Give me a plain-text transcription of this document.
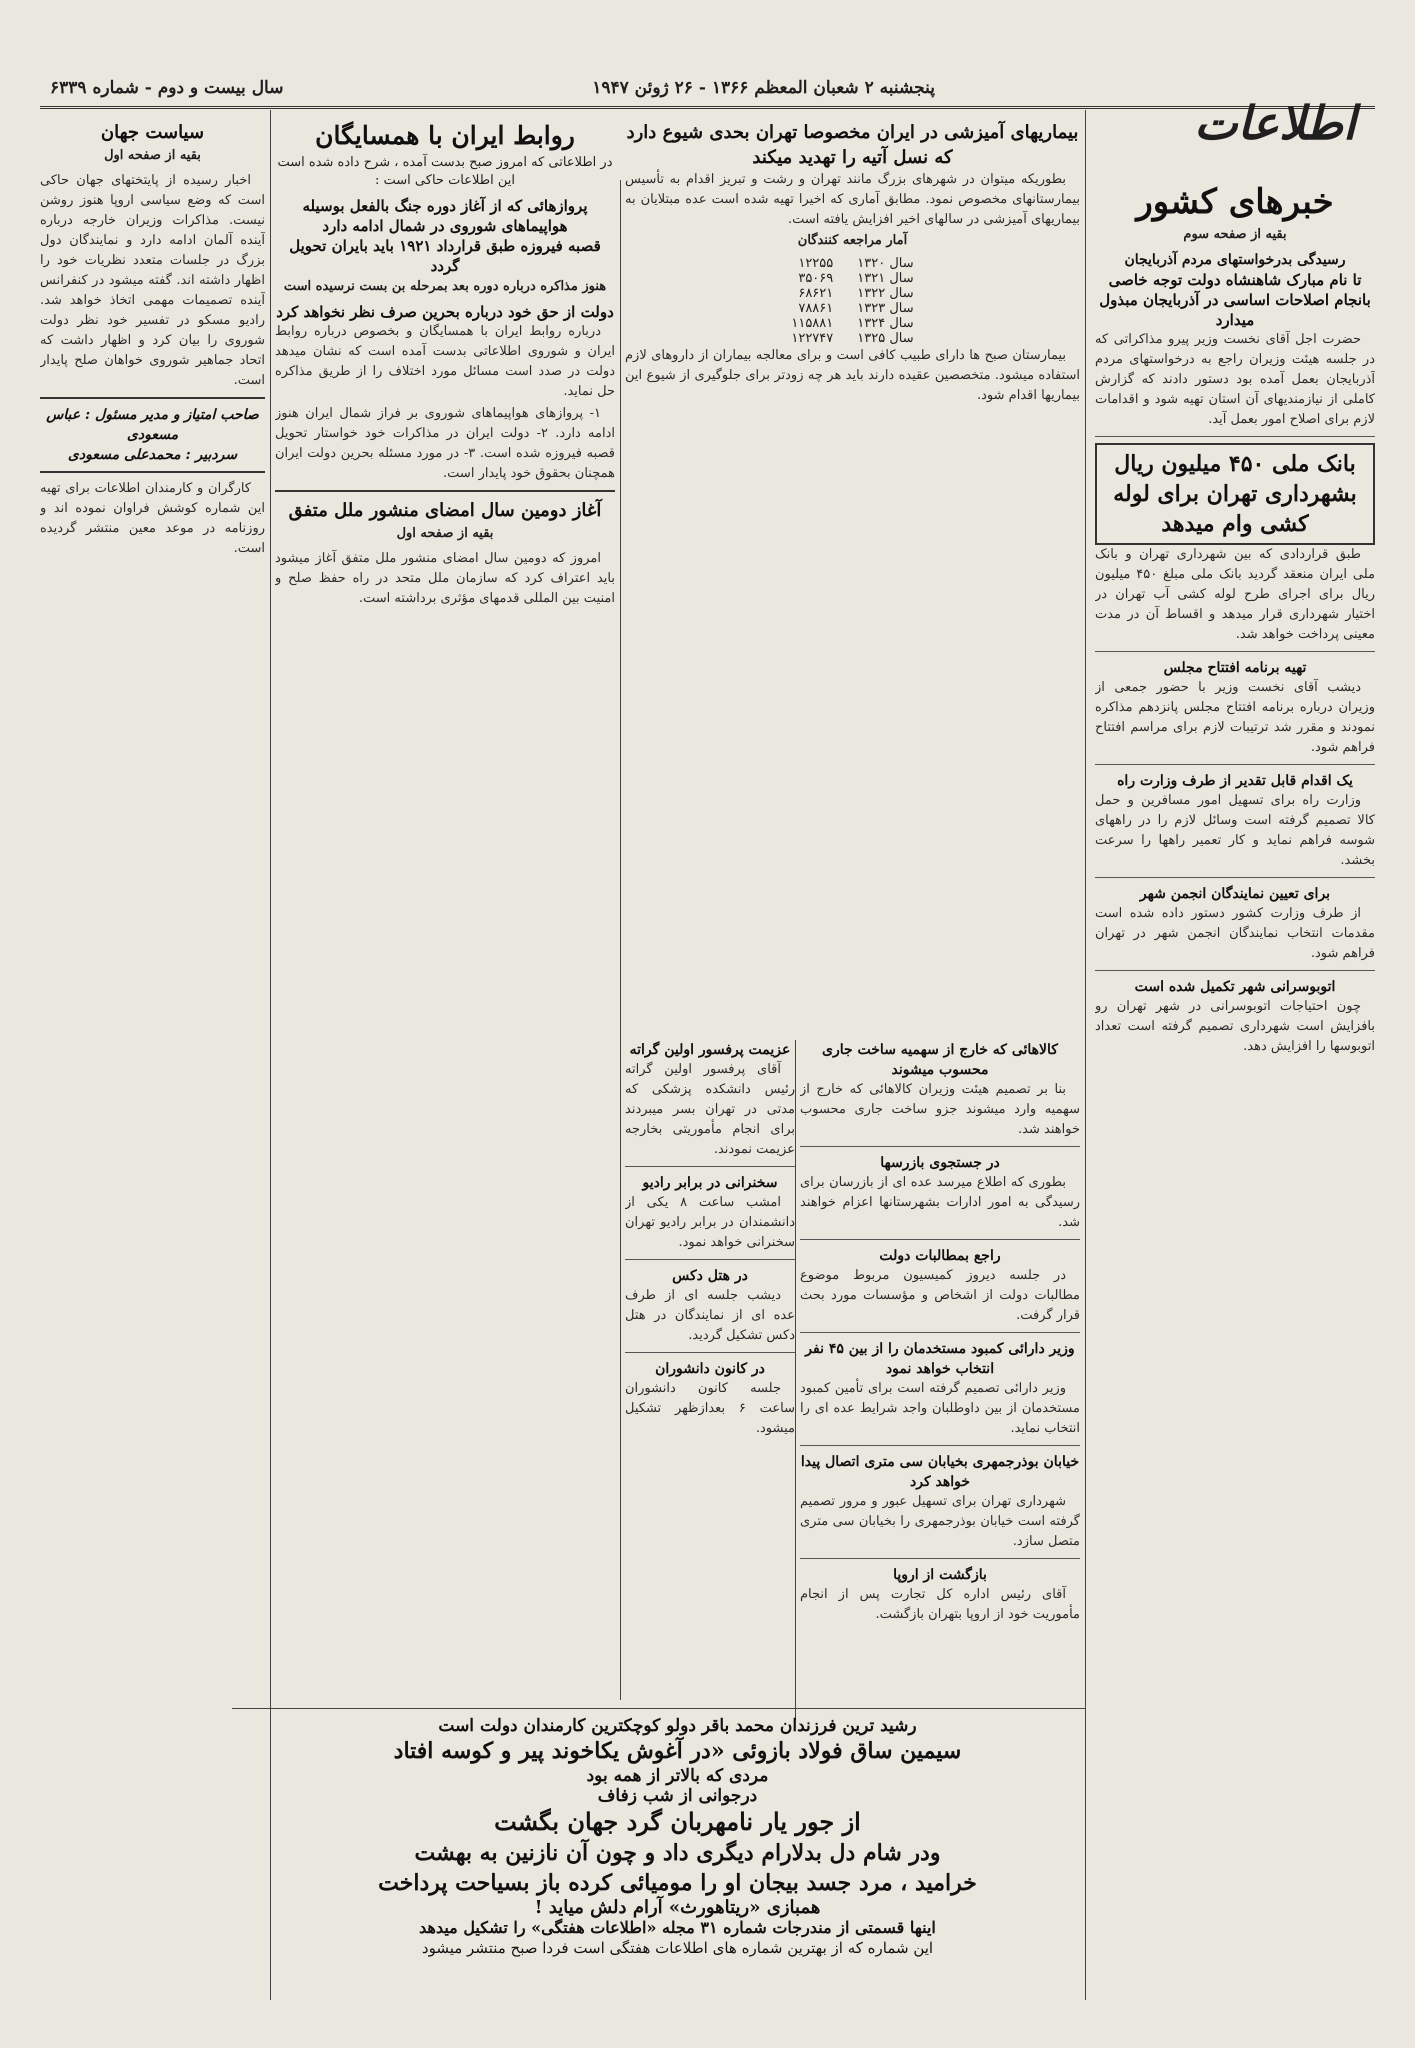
پنجشنبه ۲ شعبان المعظم ۱۳۶۶ - ۲۶ ژوئن ۱۹۴۷
سال بیست و دوم - شماره ۶۳۳۹
اطلاعات
خبرهای کشور
بقیه از صفحه سوم
رسیدگی بدرخواستهای مردم آذربایجان
تا نام مبارک شاهنشاه دولت توجه خاصی بانجام اصلاحات اساسی در آذربایجان مبذول میدارد

حضرت اجل آقای نخست وزیر پیرو مذاکراتی که در جلسه هیئت وزیران راجع به درخواستهای مردم آذربایجان بعمل آمده بود دستور دادند که گزارش کاملی از نیازمندیهای آن استان تهیه شود و اقدامات لازم برای اصلاح امور بعمل آید.

بانک ملی ۴۵۰ میلیون ریال بشهرداری تهران برای لوله کشی وام میدهد

طبق قراردادی که بین شهرداری تهران و بانک ملی ایران منعقد گردید بانک ملی مبلغ ۴۵۰ میلیون ریال برای اجرای طرح لوله کشی آب تهران در اختیار شهرداری قرار میدهد و اقساط آن در مدت معینی پرداخت خواهد شد.

تهیه برنامه افتتاح مجلس

دیشب آقای نخست وزیر با حضور جمعی از وزیران درباره برنامه افتتاح مجلس پانزدهم مذاکره نمودند و مقرر شد ترتیبات لازم برای مراسم افتتاح فراهم شود.

یک اقدام قابل تقدیر از طرف وزارت راه

وزارت راه برای تسهیل امور مسافرین و حمل کالا تصمیم گرفته است وسائل لازم را در راههای شوسه فراهم نماید و کار تعمیر راهها را سرعت بخشد.

برای تعیین نمایندگان انجمن شهر

از طرف وزارت کشور دستور داده شده است مقدمات انتخاب نمایندگان انجمن شهر در تهران فراهم شود.

اتوبوسرانی شهر تکمیل شده است

چون احتیاجات اتوبوسرانی در شهر تهران رو بافزایش است شهرداری تصمیم گرفته است تعداد اتوبوسها را افزایش دهد.

کالاهائی که خارج از سهمیه ساخت جاری محسوب میشوند

بنا بر تصمیم هیئت وزیران کالاهائی که خارج از سهمیه وارد میشوند جزو ساخت جاری محسوب خواهند شد.

در جستجوی بازرسها

بطوری که اطلاع میرسد عده ای از بازرسان برای رسیدگی به امور ادارات بشهرستانها اعزام خواهند شد.

راجع بمطالبات دولت

در جلسه دیروز کمیسیون مربوط موضوع مطالبات دولت از اشخاص و مؤسسات مورد بحث قرار گرفت.

وزیر دارائی کمبود مستخدمان را از بین ۴۵ نفر انتخاب خواهد نمود

وزیر دارائی تصمیم گرفته است برای تأمین کمبود مستخدمان از بین داوطلبان واجد شرایط عده ای را انتخاب نماید.

خیابان بوذرجمهری بخیابان سی متری اتصال پیدا خواهد کرد

شهرداری تهران برای تسهیل عبور و مرور تصمیم گرفته است خیابان بوذرجمهری را بخیابان سی متری متصل سازد.

بازگشت از اروپا

آقای رئیس اداره کل تجارت پس از انجام مأموریت خود از اروپا بتهران بازگشت.

بیماریهای آمیزشی در ایران مخصوصا تهران بحدی شیوع دارد که نسل آتیه را تهدید میکند

بطوریکه میتوان در شهرهای بزرگ مانند تهران و رشت و تبریز اقدام به تأسیس بیمارستانهای مخصوص نمود. مطابق آماری که اخیرا تهیه شده است عده مبتلایان به بیماریهای آمیزشی در سالهای اخیر افزایش یافته است.

آمار مراجعه کنندگان
سال ۱۳۲۰	۱۲۲۵۵
سال ۱۳۲۱	۳۵۰۶۹
سال ۱۳۲۲	۶۸۶۲۱
سال ۱۳۲۳	۷۸۸۶۱
سال ۱۳۲۴	۱۱۵۸۸۱
سال ۱۳۲۵	۱۲۲۷۴۷

بیمارستان صبح ها دارای طبیب کافی است و برای معالجه بیماران از داروهای لازم استفاده میشود. متخصصین عقیده دارند باید هر چه زودتر برای جلوگیری از شیوع این بیماریها اقدام شود.

عزیمت پرفسور اولین گراته

آقای پرفسور اولین گراته رئیس دانشکده پزشکی که مدتی در تهران بسر میبردند برای انجام مأموریتی بخارجه عزیمت نمودند.

سخنرانی در برابر رادیو

امشب ساعت ۸ یکی از دانشمندان در برابر رادیو تهران سخنرانی خواهد نمود.

در هتل دکس

دیشب جلسه ای از طرف عده ای از نمایندگان در هتل دکس تشکیل گردید.

در کانون دانشوران

جلسه کانون دانشوران ساعت ۶ بعدازظهر تشکیل میشود.

روابط ایران با همسایگان
در اطلاعاتی که امروز صبح بدست آمده ، شرح داده شده است این اطلاعات حاکی است :
پروازهائی که از آغاز دوره جنگ بالفعل بوسیله هواپیماهای شوروی در شمال ادامه دارد
قصبه فیروزه طبق قرارداد ۱۹۲۱ باید بایران تحویل گردد
هنوز مذاکره درباره دوره بعد بمرحله بن بست نرسیده است
دولت از حق خود درباره بحرین صرف نظر نخواهد کرد

درباره روابط ایران با همسایگان و بخصوص درباره روابط ایران و شوروی اطلاعاتی بدست آمده است که نشان میدهد دولت در صدد است مسائل مورد اختلاف را از طریق مذاکره حل نماید.

۱- پروازهای هواپیماهای شوروی بر فراز شمال ایران هنوز ادامه دارد. ۲- دولت ایران در مذاکرات خود خواستار تحویل قصبه فیروزه شده است. ۳- در مورد مسئله بحرین دولت ایران همچنان بحقوق خود پایدار است.

آغاز دومین سال امضای منشور ملل متفق
بقیه از صفحه اول

امروز که دومین سال امضای منشور ملل متفق آغاز میشود باید اعتراف کرد که سازمان ملل متحد در راه حفظ صلح و امنیت بین المللی قدمهای مؤثری برداشته است.

سیاست جهان
بقیه از صفحه اول

اخبار رسیده از پایتختهای جهان حاکی است که وضع سیاسی اروپا هنوز روشن نیست. مذاکرات وزیران خارجه درباره آینده آلمان ادامه دارد و نمایندگان دول بزرگ در جلسات متعدد نظریات خود را اظهار داشته اند. گفته میشود در کنفرانس آینده تصمیمات مهمی اتخاذ خواهد شد. رادیو مسکو در تفسیر خود نظر دولت شوروی را بیان کرد و اظهار داشت که اتحاد جماهیر شوروی خواهان صلح پایدار است.

صاحب امتیاز و مدیر مسئول : عباس مسعودی
سردبیر : محمدعلی مسعودی

کارگران و کارمندان اطلاعات برای تهیه این شماره کوشش فراوان نموده اند و روزنامه در موعد معین منتشر گردیده است.

رشید ترین فرزندان محمد باقر دولو کوچکترین کارمندان دولت است
سیمین ساق فولاد بازوئی «در آغوش یکاخوند پیر و کوسه افتاد
مردی که بالاتر از همه بود
درجوانی از شب زفاف
از جور یار نامهربان گرد جهان بگشت
ودر شام دل بدلارام دیگری داد و چون آن نازنین به بهشت
خرامید ، مرد جسد بیجان او را مومیائی کرده باز بسیاحت پرداخت
همبازی «ریتاهورث» آرام دلش میاید !
اینها قسمتی از مندرجات شماره ۳۱ مجله «اطلاعات هفتگی» را تشکیل میدهد
این شماره که از بهترین شماره های اطلاعات هفتگی است فردا صبح منتشر میشود
